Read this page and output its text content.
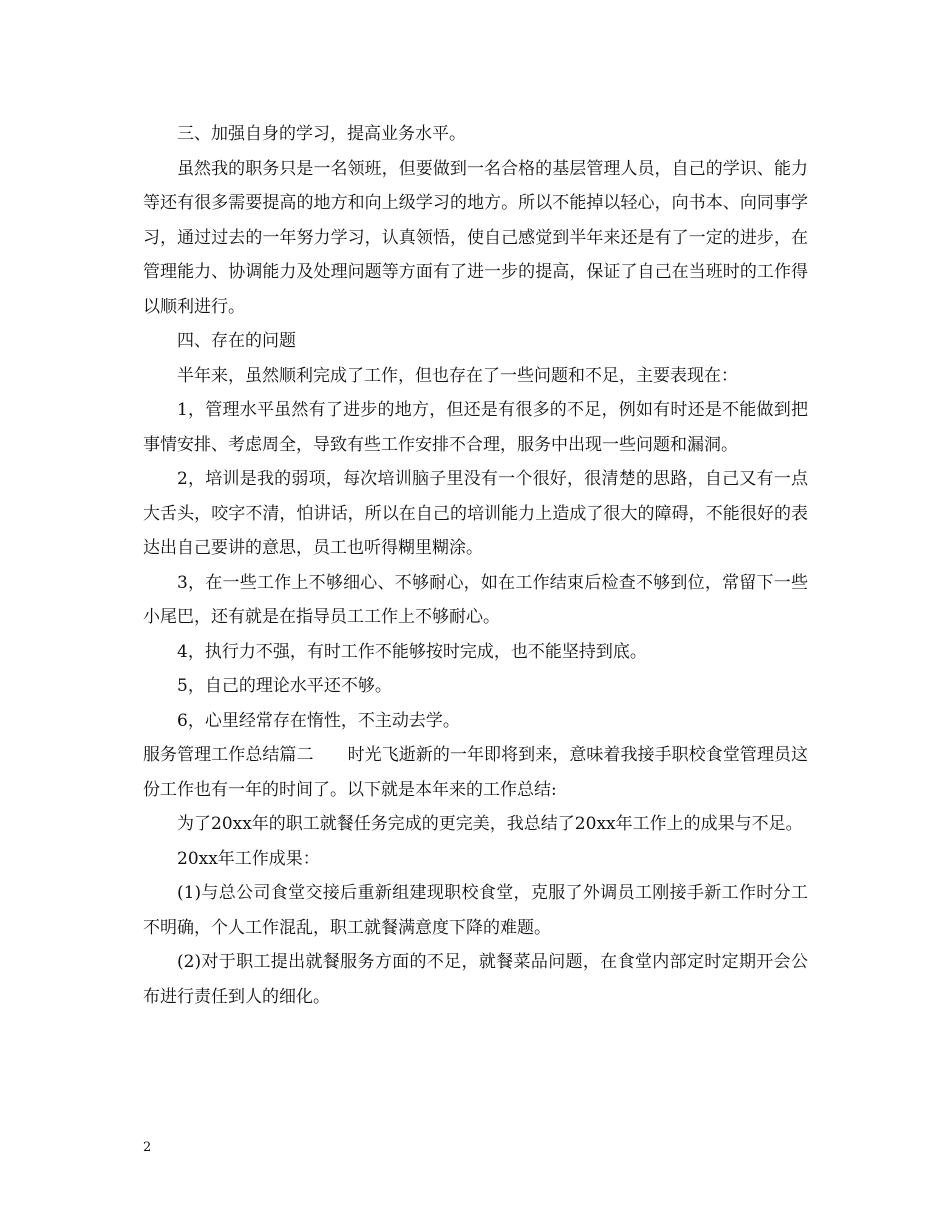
三、加强自身的学习，提高业务水平。

虽然我的职务只是一名领班，但要做到一名合格的基层管理人员，自己的学识、能力等还有很多需要提高的地方和向上级学习的地方。所以不能掉以轻心，向书本、向同事学习，通过过去的一年努力学习，认真领悟，使自己感觉到半年来还是有了一定的进步，在管理能力、协调能力及处理问题等方面有了进一步的提高，保证了自己在当班时的工作得以顺利进行。

四、存在的问题

半年来，虽然顺利完成了工作，但也存在了一些问题和不足，主要表现在：

1，管理水平虽然有了进步的地方，但还是有很多的不足，例如有时还是不能做到把事情安排、考虑周全，导致有些工作安排不合理，服务中出现一些问题和漏洞。

2，培训是我的弱项，每次培训脑子里没有一个很好，很清楚的思路，自己又有一点大舌头，咬字不清，怕讲话，所以在自己的培训能力上造成了很大的障碍，不能很好的表达出自己要讲的意思，员工也听得糊里糊涂。

3，在一些工作上不够细心、不够耐心，如在工作结束后检查不够到位，常留下一些小尾巴，还有就是在指导员工工作上不够耐心。

4，执行力不强，有时工作不能够按时完成，也不能坚持到底。

5，自己的理论水平还不够。

6，心里经常存在惰性，不主动去学。

服务管理工作总结篇二　　时光飞逝新的一年即将到来，意味着我接手职校食堂管理员这份工作也有一年的时间了。以下就是本年来的工作总结:

为了20xx年的职工就餐任务完成的更完美，我总结了20xx年工作上的成果与不足。

20xx年工作成果：

(1)与总公司食堂交接后重新组建现职校食堂，克服了外调员工刚接手新工作时分工不明确，个人工作混乱，职工就餐满意度下降的难题。

(2)对于职工提出就餐服务方面的不足，就餐菜品问题，在食堂内部定时定期开会公布进行责任到人的细化。

2
